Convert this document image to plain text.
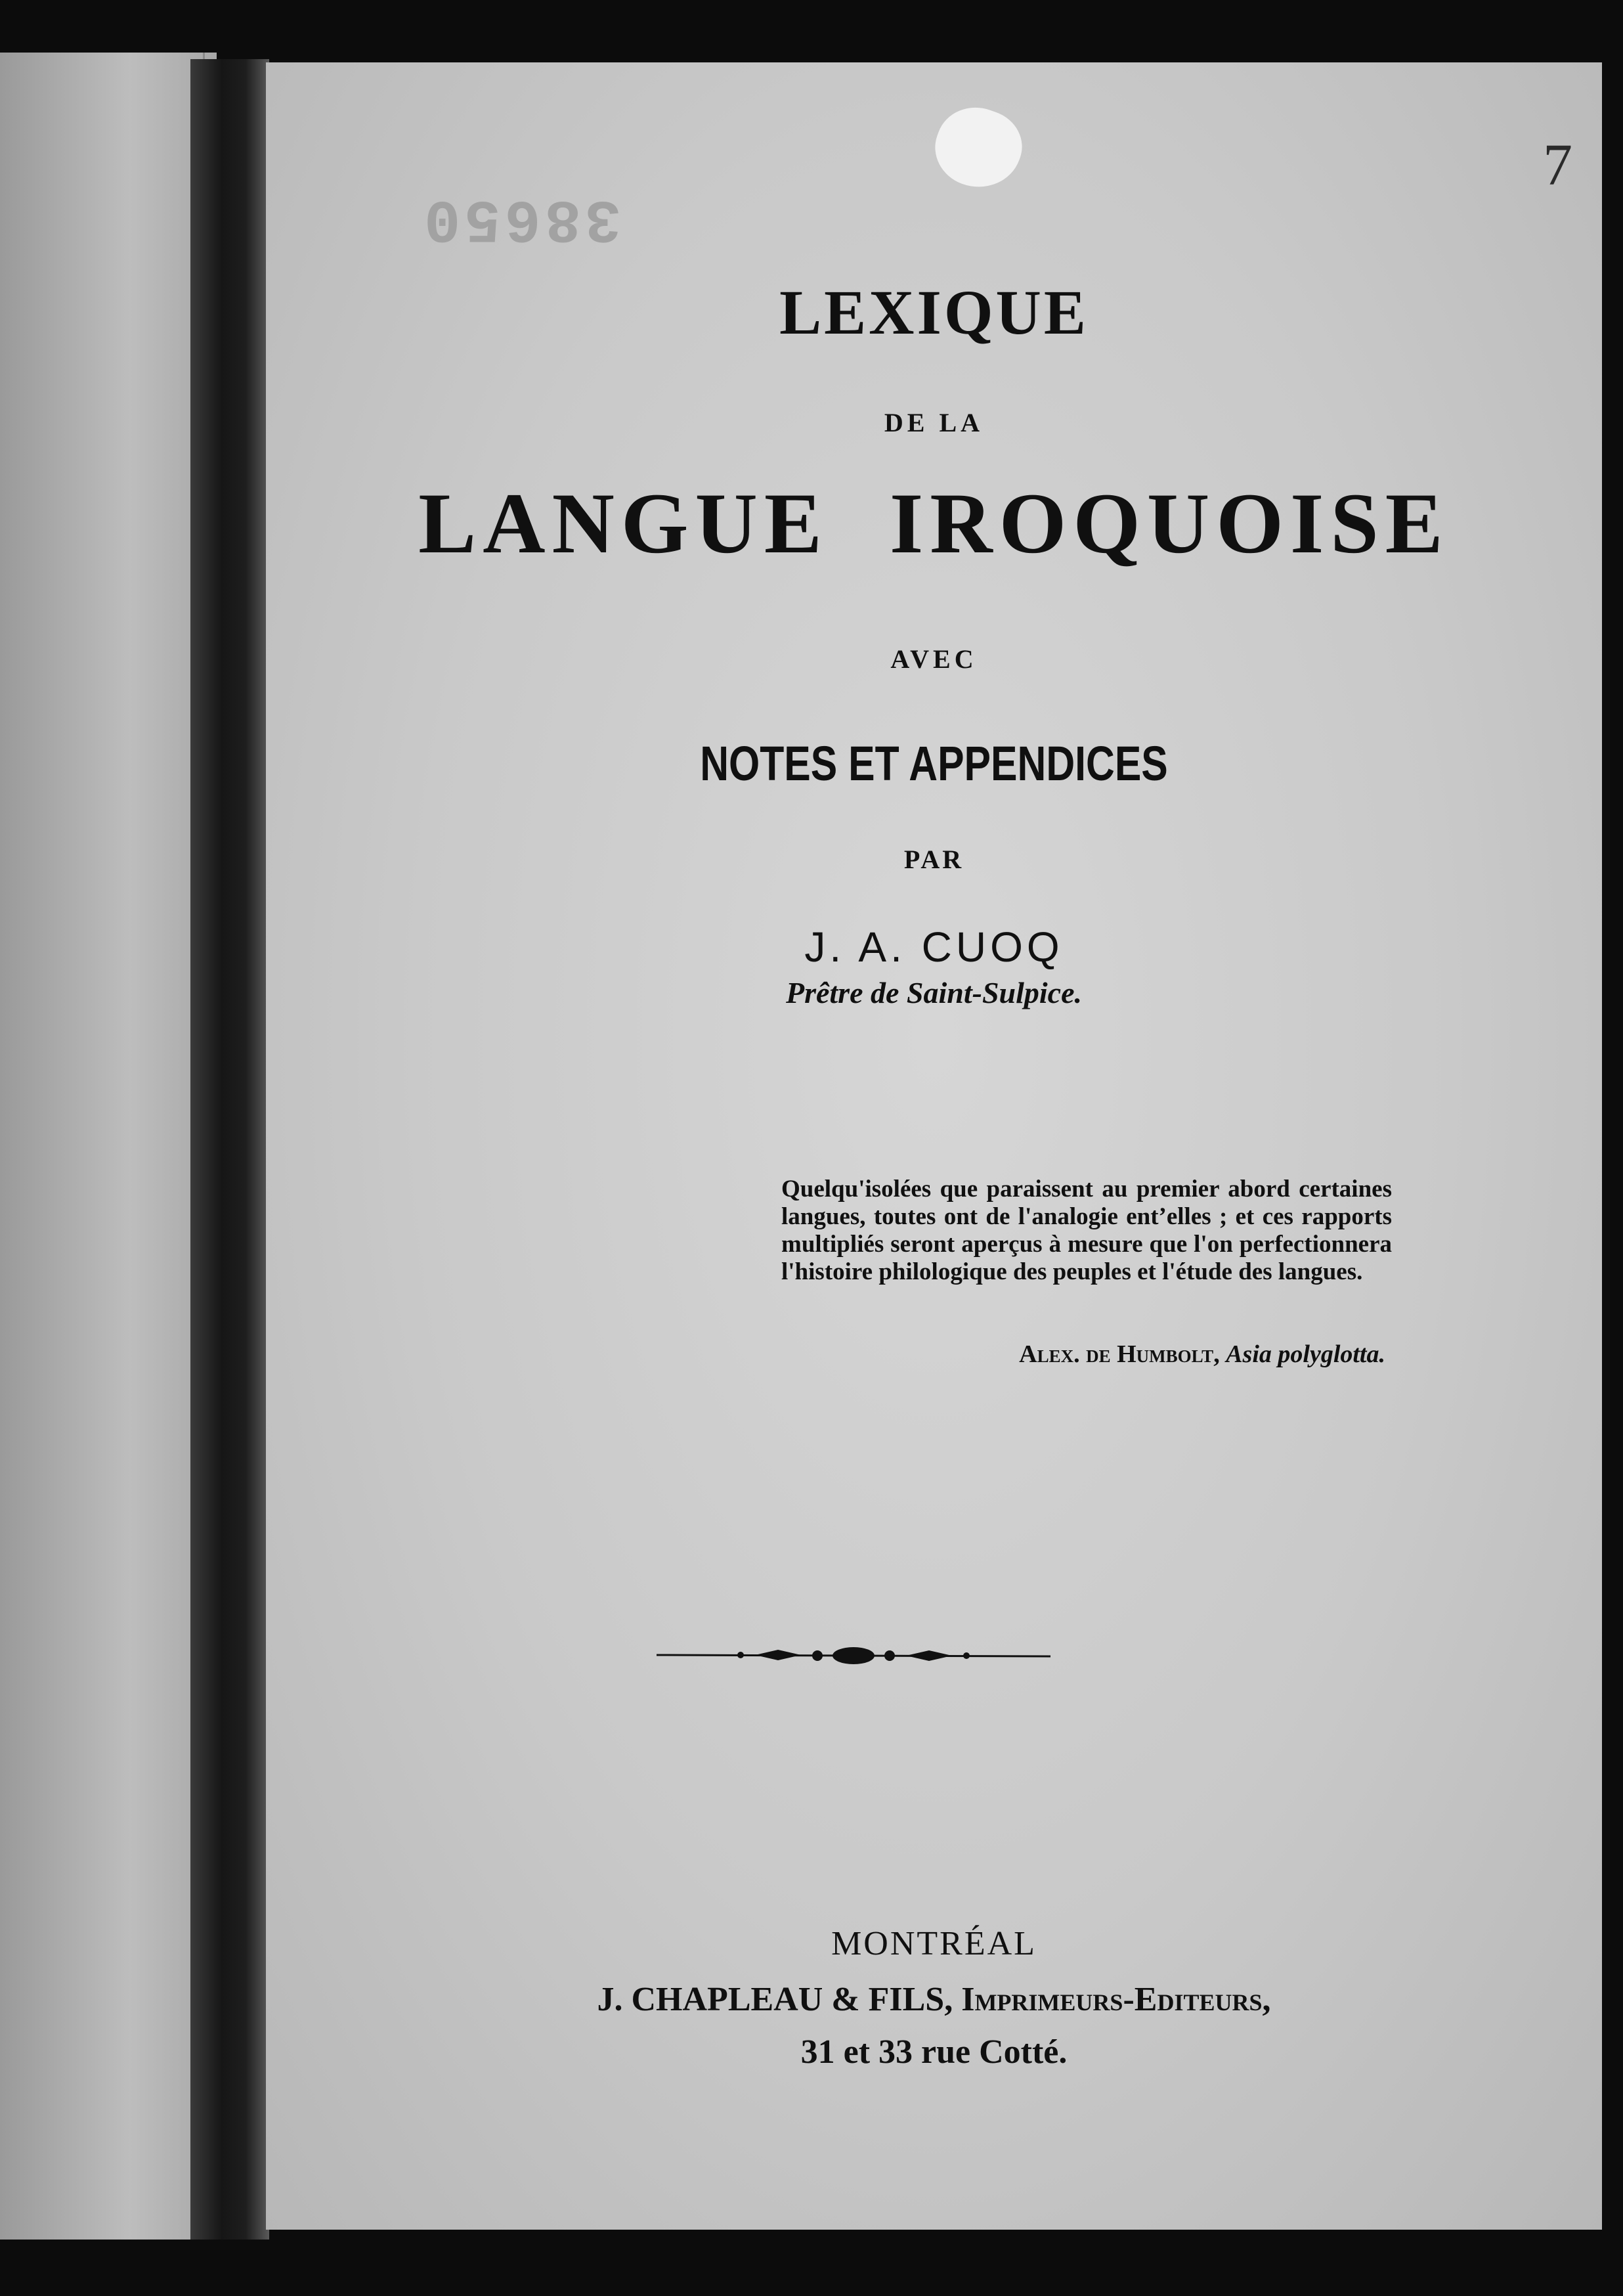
38650
7
LEXIQUE
DE LA
LANGUE IROQUOISE
AVEC
NOTES ET APPENDICES
PAR
J. A. CUOQ
Prêtre de Saint-Sulpice.
Quelqu'isolées que paraissent au premier abord certaines langues, toutes ont de l'analogie ent’elles ; et ces rapports multipliés seront aperçus à mesure que l'on perfectionnera l'histoire philologique des peuples et l'étude des langues.
Alex. de Humbolt, Asia polyglotta.
MONTRÉAL
J. CHAPLEAU & FILS, Imprimeurs-Editeurs,
31 et 33 rue Cotté.
